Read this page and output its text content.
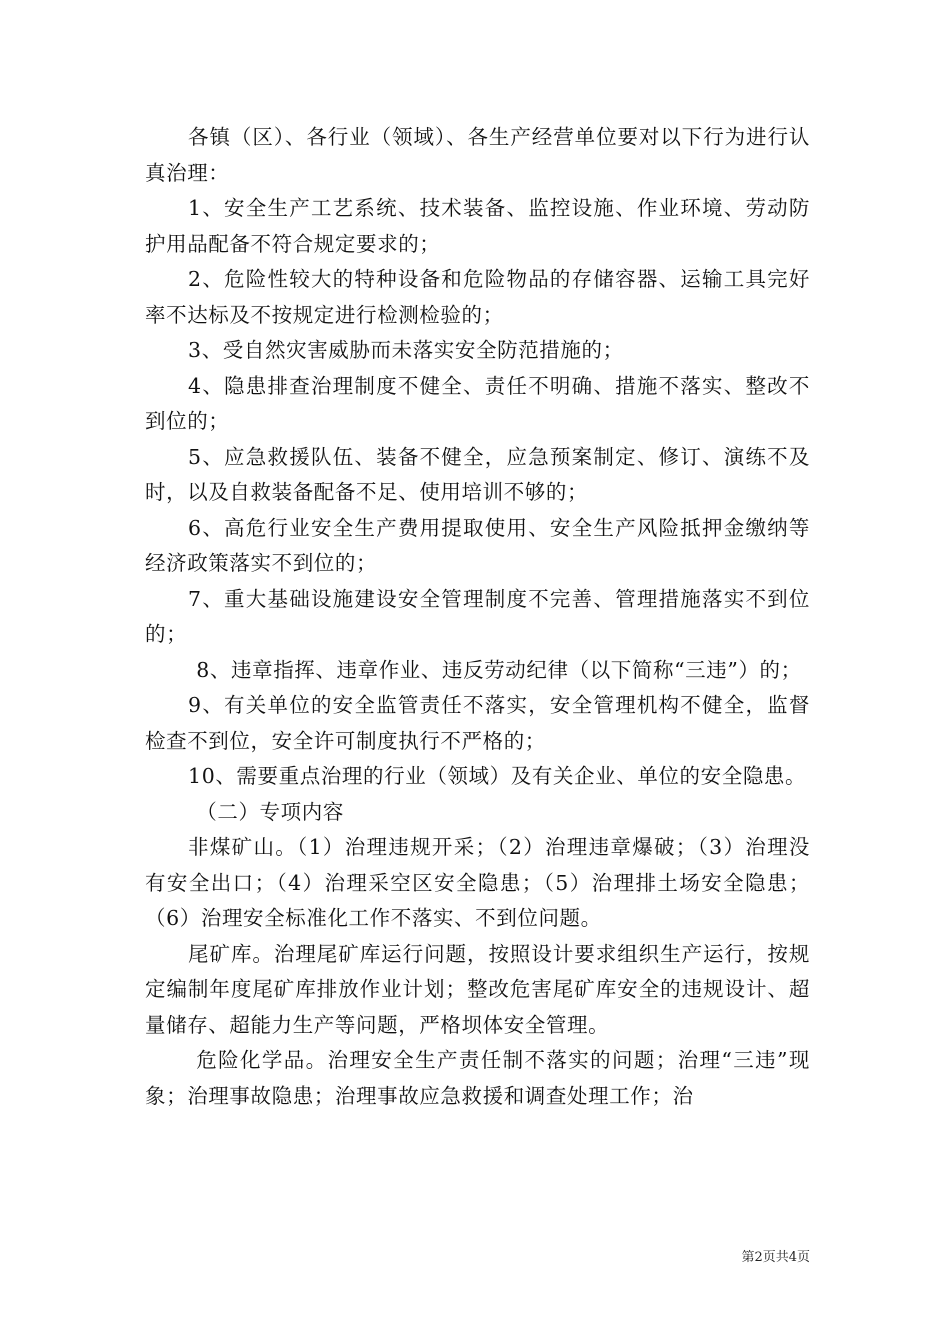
各镇（区）、各行业（领域）、各生产经营单位要对以下行为进行认真治理：

1、安全生产工艺系统、技术装备、监控设施、作业环境、劳动防护用品配备不符合规定要求的；

2、危险性较大的特种设备和危险物品的存储容器、运输工具完好率不达标及不按规定进行检测检验的；

3、受自然灾害威胁而未落实安全防范措施的；

4、隐患排查治理制度不健全、责任不明确、措施不落实、整改不到位的；

5、应急救援队伍、装备不健全，应急预案制定、修订、演练不及时，以及自救装备配备不足、使用培训不够的；

6、高危行业安全生产费用提取使用、安全生产风险抵押金缴纳等经济政策落实不到位的；

7、重大基础设施建设安全管理制度不完善、管理措施落实不到位的；

8、违章指挥、违章作业、违反劳动纪律（以下简称“三违”）的；

9、有关单位的安全监管责任不落实，安全管理机构不健全，监督检查不到位，安全许可制度执行不严格的；

10、需要重点治理的行业（领域）及有关企业、单位的安全隐患。

（二）专项内容

非煤矿山。（1）治理违规开采；（2）治理违章爆破；（3）治理没有安全出口；（4）治理采空区安全隐患；（5）治理排土场安全隐患；（6）治理安全标准化工作不落实、不到位问题。

尾矿库。治理尾矿库运行问题，按照设计要求组织生产运行，按规定编制年度尾矿库排放作业计划；整改危害尾矿库安全的违规设计、超量储存、超能力生产等问题，严格坝体安全管理。

危险化学品。治理安全生产责任制不落实的问题；治理“三违”现象；治理事故隐患；治理事故应急救援和调查处理工作；治

第2页共4页
